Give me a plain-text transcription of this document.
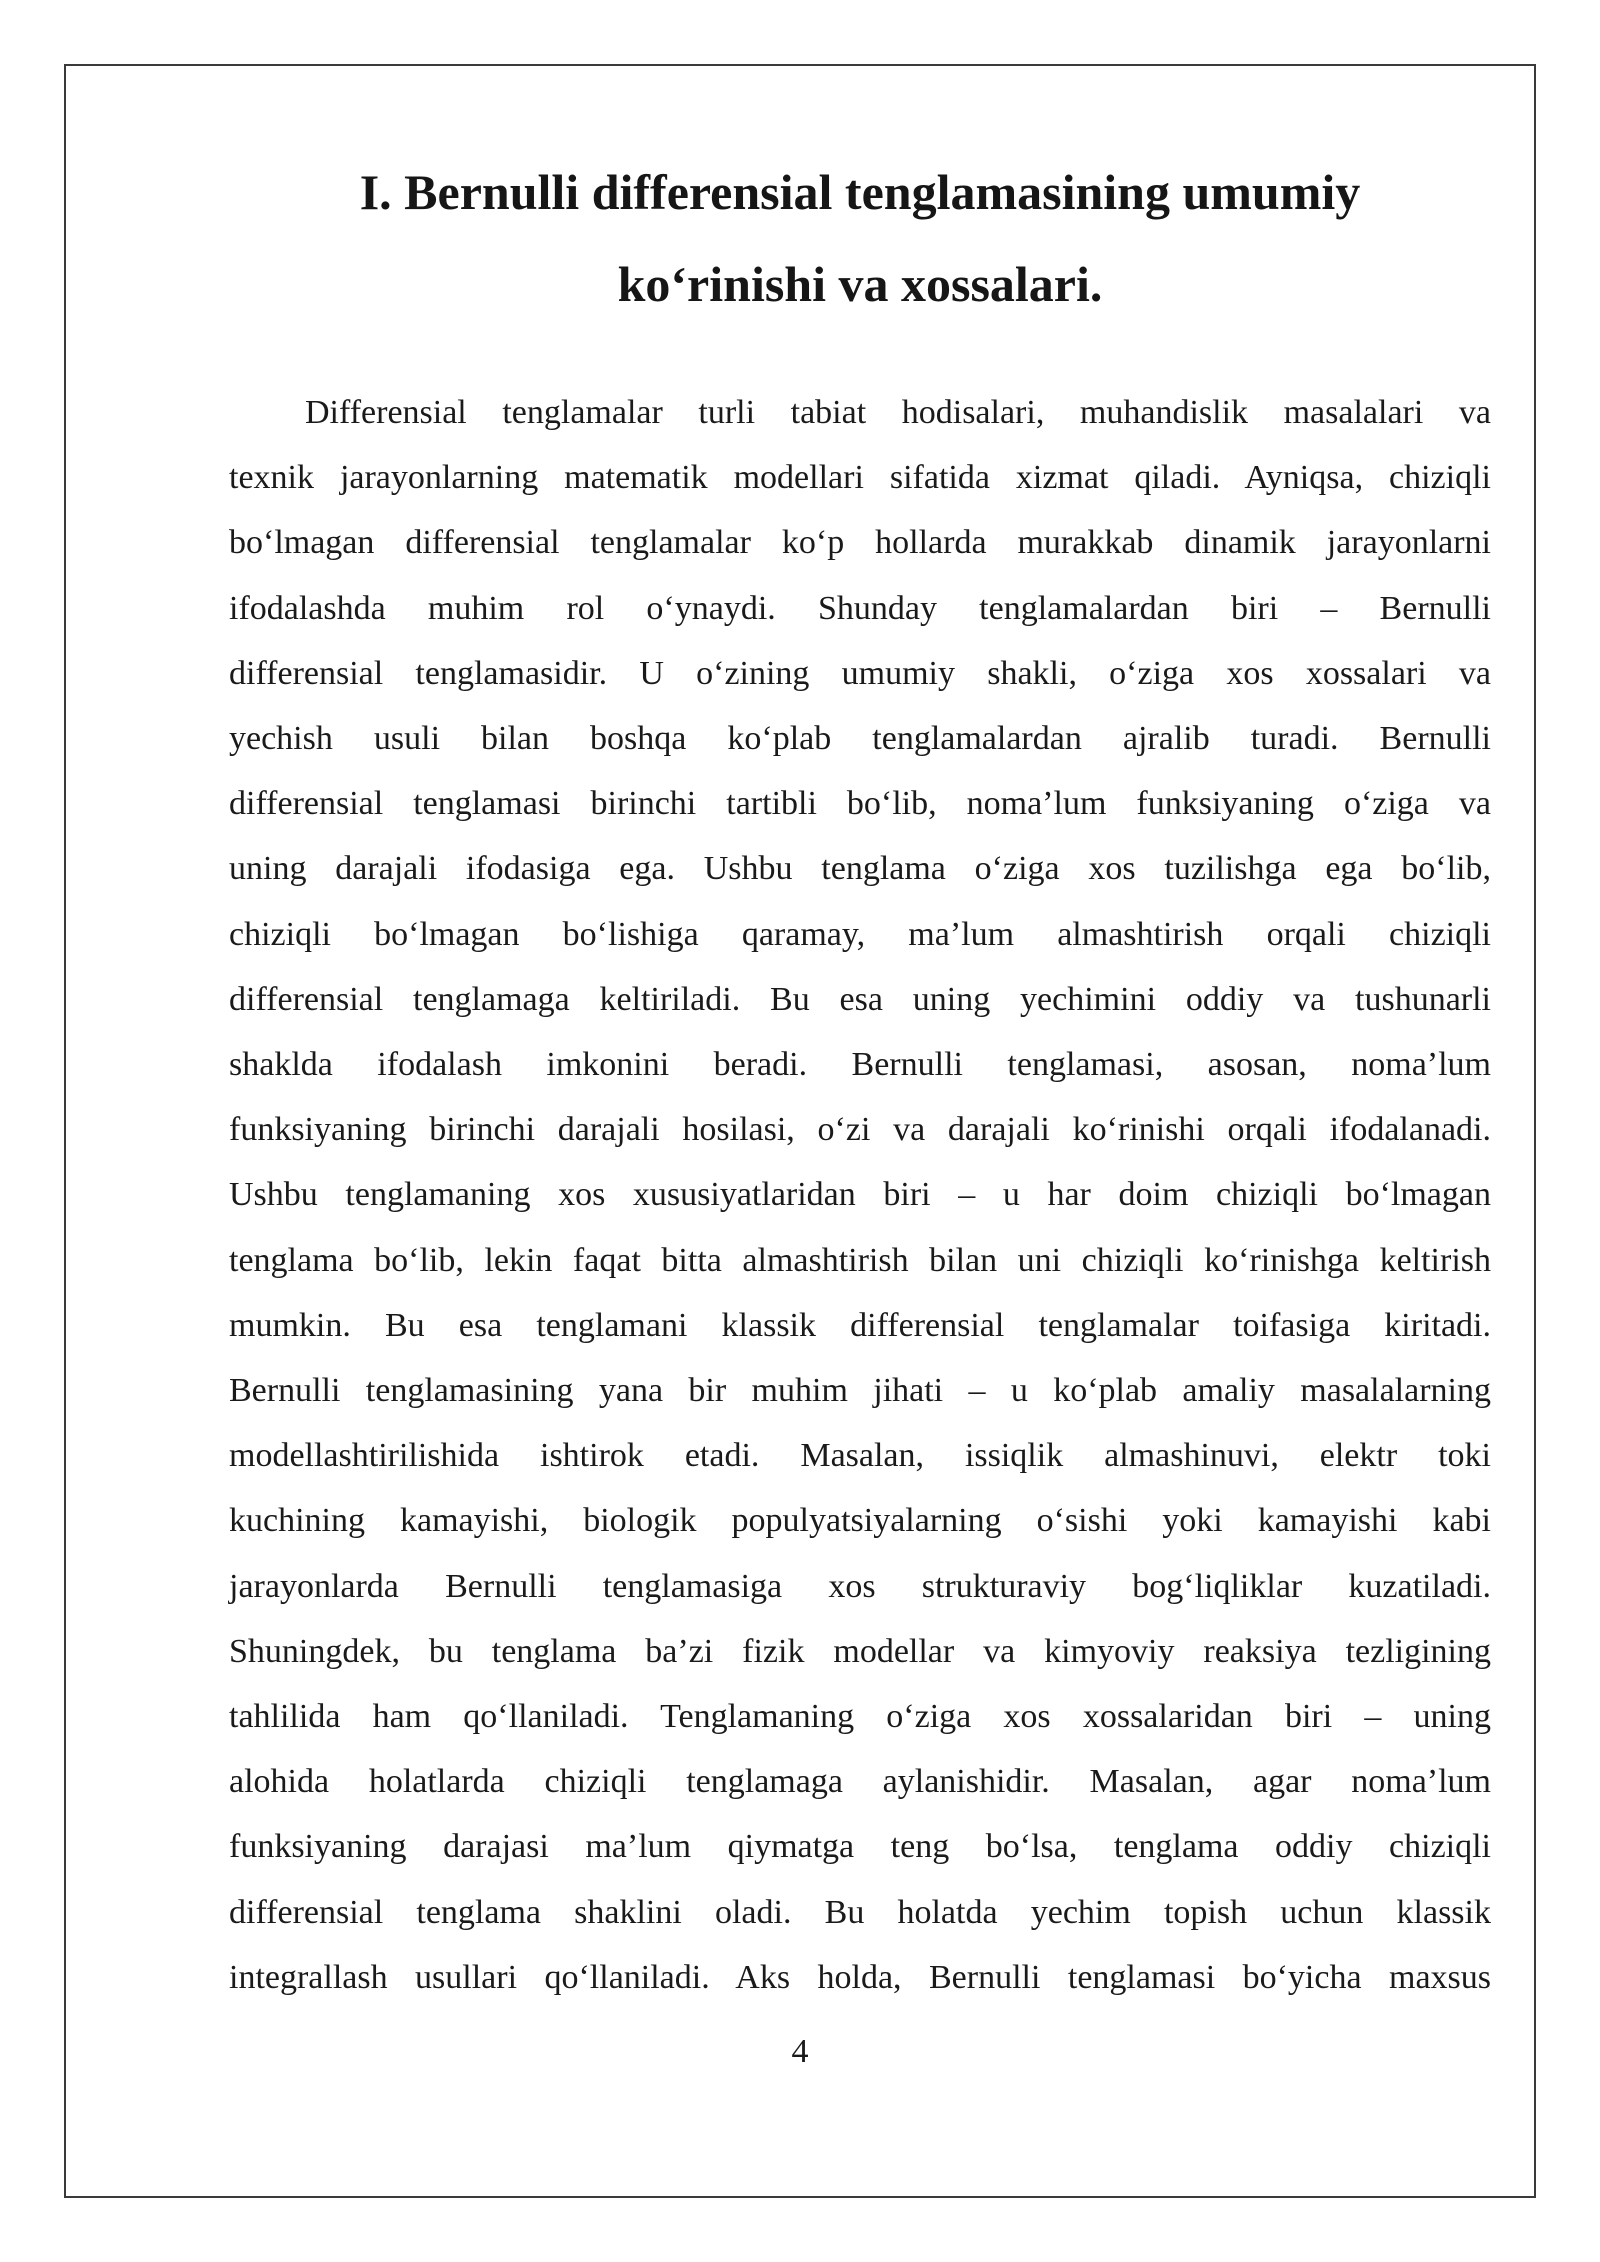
I. Bernulli differensial tenglamasining umumiy

ko‘rinishi va xossalari.

Differensial tenglamalar turli tabiat hodisalari, muhandislik masalalari va
texnik jarayonlarning matematik modellari sifatida xizmat qiladi. Ayniqsa, chiziqli
bo‘lmagan differensial tenglamalar ko‘p hollarda murakkab dinamik jarayonlarni
ifodalashda muhim rol o‘ynaydi. Shunday tenglamalardan biri – Bernulli
differensial tenglamasidir. U o‘zining umumiy shakli, o‘ziga xos xossalari va
yechish usuli bilan boshqa ko‘plab tenglamalardan ajralib turadi. Bernulli
differensial tenglamasi birinchi tartibli bo‘lib, noma’lum funksiyaning o‘ziga va
uning darajali ifodasiga ega. Ushbu tenglama o‘ziga xos tuzilishga ega bo‘lib,
chiziqli bo‘lmagan bo‘lishiga qaramay, ma’lum almashtirish orqali chiziqli
differensial tenglamaga keltiriladi. Bu esa uning yechimini oddiy va tushunarli
shaklda ifodalash imkonini beradi. Bernulli tenglamasi, asosan, noma’lum
funksiyaning birinchi darajali hosilasi, o‘zi va darajali ko‘rinishi orqali ifodalanadi.
Ushbu tenglamaning xos xususiyatlaridan biri – u har doim chiziqli bo‘lmagan
tenglama bo‘lib, lekin faqat bitta almashtirish bilan uni chiziqli ko‘rinishga keltirish
mumkin. Bu esa tenglamani klassik differensial tenglamalar toifasiga kiritadi.
Bernulli tenglamasining yana bir muhim jihati – u ko‘plab amaliy masalalarning
modellashtirilishida ishtirok etadi. Masalan, issiqlik almashinuvi, elektr toki
kuchining kamayishi, biologik populyatsiyalarning o‘sishi yoki kamayishi kabi
jarayonlarda Bernulli tenglamasiga xos strukturaviy bog‘liqliklar kuzatiladi.
Shuningdek, bu tenglama ba’zi fizik modellar va kimyoviy reaksiya tezligining
tahlilida ham qo‘llaniladi. Tenglamaning o‘ziga xos xossalaridan biri – uning
alohida holatlarda chiziqli tenglamaga aylanishidir. Masalan, agar noma’lum
funksiyaning darajasi ma’lum qiymatga teng bo‘lsa, tenglama oddiy chiziqli
differensial tenglama shaklini oladi. Bu holatda yechim topish uchun klassik
integrallash usullari qo‘llaniladi. Aks holda, Bernulli tenglamasi bo‘yicha maxsus
4
